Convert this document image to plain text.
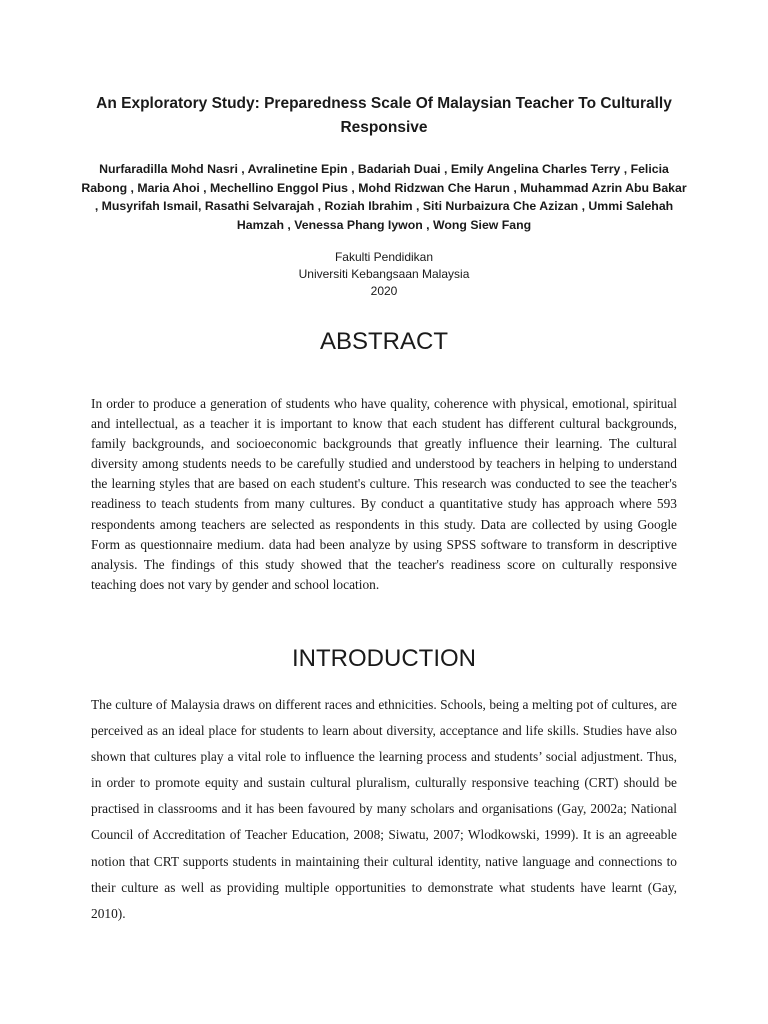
An Exploratory Study: Preparedness Scale Of Malaysian Teacher To Culturally Responsive

Nurfaradilla Mohd Nasri , Avralinetine Epin , Badariah Duai , Emily Angelina Charles Terry , Felicia Rabong , Maria Ahoi , Mechellino Enggol Pius , Mohd Ridzwan Che Harun , Muhammad Azrin Abu Bakar , Musyrifah Ismail, Rasathi Selvarajah , Roziah Ibrahim , Siti Nurbaizura Che Azizan , Ummi Salehah Hamzah , Venessa Phang Iywon , Wong Siew Fang

Fakulti Pendidikan
Universiti Kebangsaan Malaysia
2020
ABSTRACT

In order to produce a generation of students who have quality, coherence with physical, emotional, spiritual and intellectual, as a teacher it is important to know that each student has different cultural backgrounds, family backgrounds, and socioeconomic backgrounds that greatly influence their learning. The cultural diversity among students needs to be carefully studied and understood by teachers in helping to understand the learning styles that are based on each student's culture. This research was conducted to see the teacher's readiness to teach students from many cultures. By conduct a quantitative study has approach where 593 respondents among teachers are selected as respondents in this study. Data are collected by using Google Form as questionnaire medium. data had been analyze by using SPSS software to transform in descriptive analysis. The findings of this study showed that the teacher's readiness score on culturally responsive teaching does not vary by gender and school location.

INTRODUCTION

The culture of Malaysia draws on different races and ethnicities. Schools, being a melting pot of cultures, are perceived as an ideal place for students to learn about diversity, acceptance and life skills. Studies have also shown that cultures play a vital role to influence the learning process and students’ social adjustment. Thus, in order to promote equity and sustain cultural pluralism, culturally responsive teaching (CRT) should be practised in classrooms and it has been favoured by many scholars and organisations (Gay, 2002a; National Council of Accreditation of Teacher Education, 2008; Siwatu, 2007; Wlodkowski, 1999). It is an agreeable notion that CRT supports students in maintaining their cultural identity, native language and connections to their culture as well as providing multiple opportunities to demonstrate what students have learnt (Gay, 2010).
